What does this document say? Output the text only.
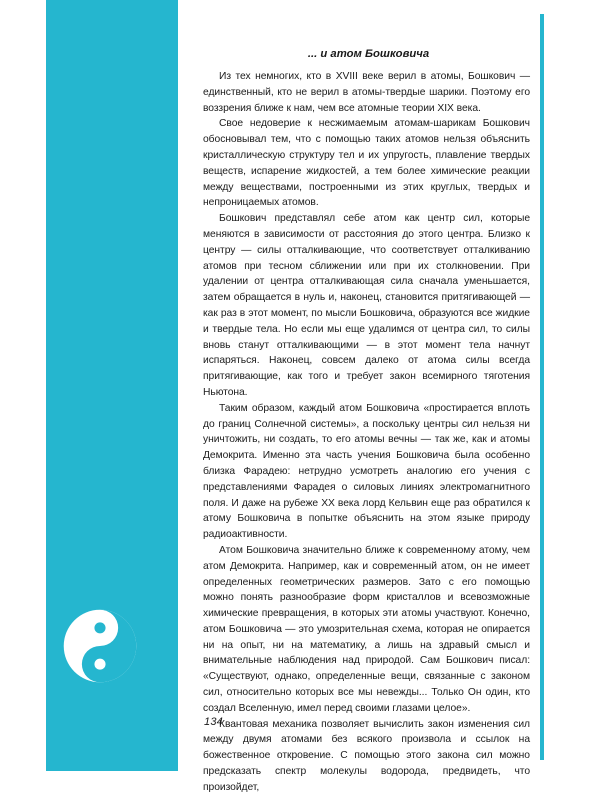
... и атом Бошковича

Из тех немногих, кто в XVIII веке верил в атомы, Бошкович — единственный, кто не верил в атомы-твердые шарики. Поэтому его воззрения ближе к нам, чем все атомные теории XIX века.

Свое недоверие к несжимаемым атомам-шарикам Бошкович обосновывал тем, что с помощью таких атомов нельзя объяснить кристаллическую структуру тел и их упругость, плавление твердых веществ, испарение жидкостей, а тем более химические реакции между веществами, построенными из этих круглых, твердых и непроницаемых атомов.

Бошкович представлял себе атом как центр сил, которые меняются в зависимости от расстояния до этого центра. Близко к центру — силы отталкивающие, что соответствует отталкиванию атомов при тесном сближении или при их столкновении. При удалении от центра отталкивающая сила сначала уменьшается, затем обращается в нуль и, наконец, становится притягивающей — как раз в этот момент, по мысли Бошковича, образуются все жидкие и твердые тела. Но если мы еще удалимся от центра сил, то силы вновь станут отталкивающими — в этот момент тела начнут испаряться. Наконец, совсем далеко от атома силы всегда притягивающие, как того и требует закон всемирного тяготения Ньютона.

Таким образом, каждый атом Бошковича «простирается вплоть до границ Солнечной системы», а поскольку центры сил нельзя ни уничтожить, ни создать, то его атомы вечны — так же, как и атомы Демокрита. Именно эта часть учения Бошковича была особенно близка Фарадею: нетрудно усмотреть аналогию его учения с представлениями Фарадея о силовых линиях электромагнитного поля. И даже на рубеже XX века лорд Кельвин еще раз обратился к атому Бошковича в попытке объяснить на этом языке природу радиоактивности.

Атом Бошковича значительно ближе к современному атому, чем атом Демокрита. Например, как и современный атом, он не имеет определенных геометрических размеров. Зато с его помощью можно понять разнообразие форм кристаллов и всевозможные химические превращения, в которых эти атомы участвуют. Конечно, атом Бошковича — это умозрительная схема, которая не опирается ни на опыт, ни на математику, а лишь на здравый смысл и внимательные наблюдения над природой. Сам Бошкович писал: «Существуют, однако, определенные вещи, связанные с законом сил, относительно которых все мы невежды... Только Он один, кто создал Вселенную, имел перед своими глазами целое».

Квантовая механика позволяет вычислить закон изменения сил между двумя атомами без всякого произвола и ссылок на божественное откровение. С помощью этого закона сил можно предсказать спектр молекулы водорода, предвидеть, что произойдет,

134
